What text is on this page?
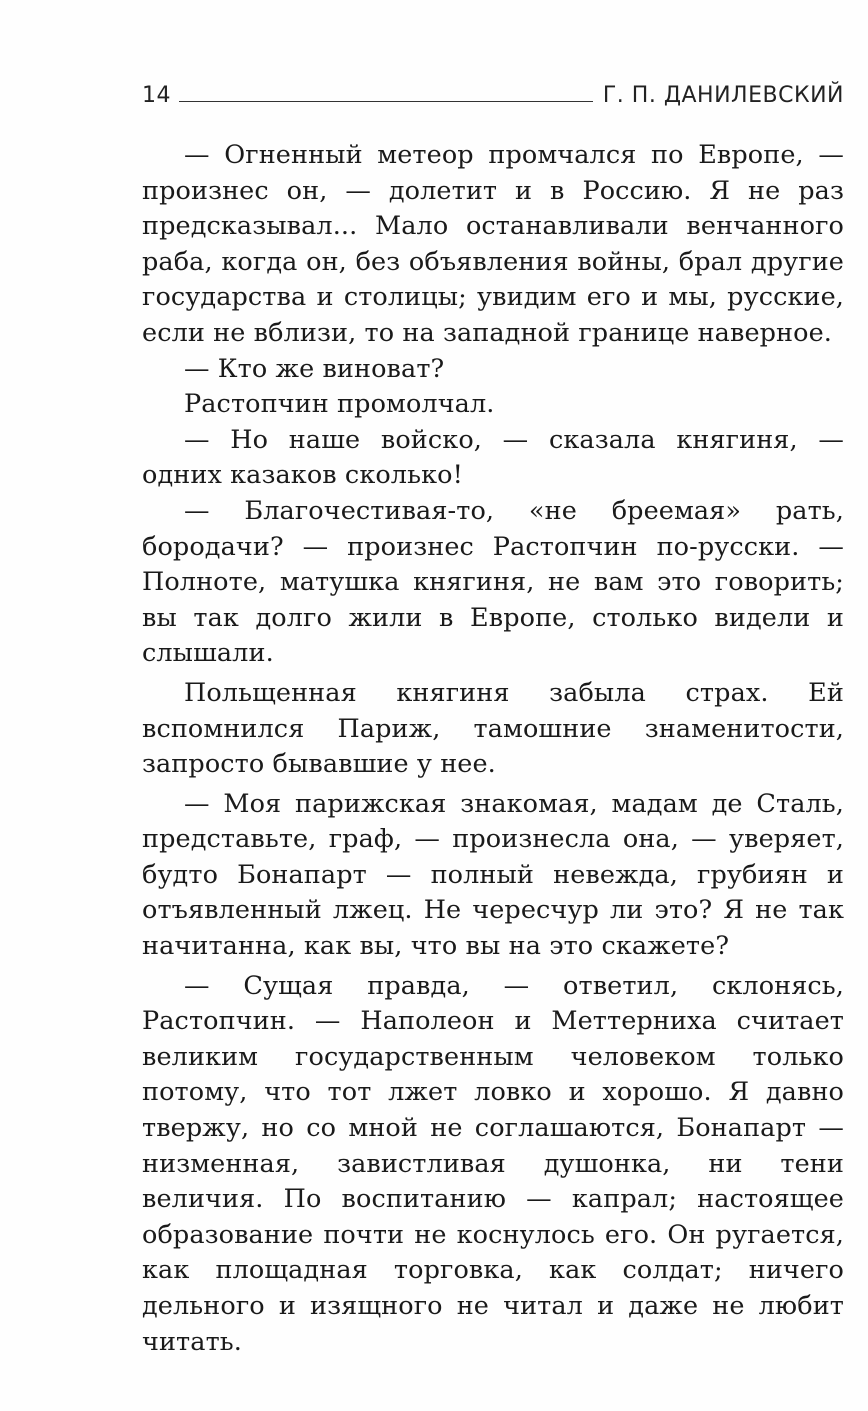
14	Г. П. ДАНИЛЕВСКИЙ

— Огненный метеор промчался по Европе, — произнес он, — долетит и в Россию. Я не раз предсказывал... Мало останавливали венчанного раба, когда он, без объявления войны, брал другие государства и столицы; увидим его и мы, русские, если не вблизи, то на западной границе наверное.

— Кто же виноват?

Растопчин промолчал.

— Но наше войско, — сказала княгиня, — одних казаков сколько!

— Благочестивая-то, «не бреемая» рать, бородачи? — произнес Растопчин по-русски. — Полноте, матушка княгиня, не вам это говорить; вы так долго жили в Европе, столько видели и слышали.

Польщенная княгиня забыла страх. Ей вспомнился Париж, тамошние знаменитости, запросто бывавшие у нее.

— Моя парижская знакомая, мадам де Сталь, представьте, граф, — произнесла она, — уверяет, будто Бонапарт — полный невежда, грубиян и отъявленный лжец. Не чересчур ли это? Я не так начитанна, как вы, что вы на это скажете?

— Сущая правда, — ответил, склонясь, Растопчин. — Наполеон и Меттерниха считает великим государственным человеком только потому, что тот лжет ловко и хорошо. Я давно твержу, но со мной не соглашаются, Бонапарт — низменная, завистливая душонка, ни тени величия. По воспитанию — капрал; настоящее образование почти не коснулось его. Он ругается, как площадная торговка, как солдат; ничего дельного и изящного не читал и даже не любит читать.
